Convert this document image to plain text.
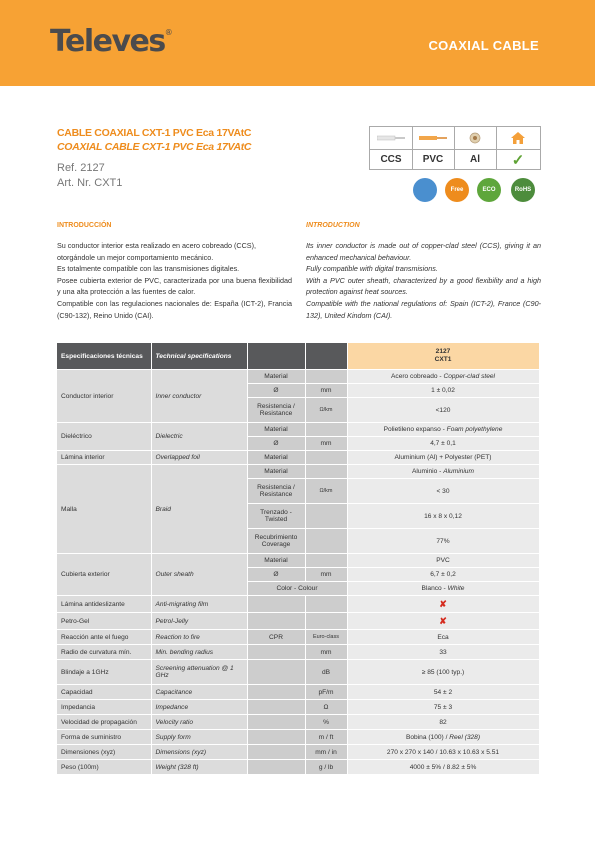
Televes®
COAXIAL CABLE
CABLE COAXIAL CXT-1 PVC Eca 17VAtC
COAXIAL CABLE CXT-1 PVC Eca 17VAtC
Ref. 2127
Art. Nr. CXT1
CCS	PVC	Al	✓
Free	ECO	RoHS
INTRODUCCIÓN

Su conductor interior esta realizado en acero cobreado (CCS), otorgándole un mejor comportamiento mecánico.

Es totalmente compatible con las transmisiones digitales.

Posee cubierta exterior de PVC, caracterizada por una buena flexibilidad y una alta protección a las fuentes de calor.

Compatible con las regulaciones nacionales de: España (ICT-2), Francia (C90-132), Reino Unido (CAI).

INTRODUCTION

Its inner conductor is made out of copper-clad steel (CCS), giving it an enhanced mechanical behaviour.

Fully compatible with digital transmisions.

With a PVC outer sheath, characterized by a good flexibility and a high protection against heat sources.

Compatible with the national regulations of: Spain (ICT-2), France (C90-132), United Kindom (CAI).

Especificaciones técnicas	Technical specifications			2127
CXT1
Conductor interior	Inner conductor	Material		Acero cobreado - Copper-clad steel
		Ø	mm	1 ± 0,02
		Resistencia / Resistance	Ω/km	<120
Dieléctrico	Dielectric	Material		Polietileno expanso - Foam polyethylene
		Ø	mm	4,7 ± 0,1
Lámina interior	Overlapped foil	Material		Aluminium (Al) + Polyester (PET)
Malla	Braid	Material		Aluminio - Aluminium
		Resistencia / Resistance	Ω/km	< 30
		Trenzado - Twisted		16 x 8 x 0,12
		Recubrimiento Coverage		77%
Cubierta exterior	Outer sheath	Material		PVC
		Ø	mm	6,7 ± 0,2
		Color - Colour		Blanco - White
Lámina antideslizante	Anti-migrating film			✘
Petro-Gel	Petrol-Jelly			✘
Reacción ante el fuego	Reaction to fire	CPR	Euro-class	Eca
Radio de curvatura mín.	Min. bending radius		mm	33
Blindaje a 1GHz	Screening attenuation @ 1 GHz		dB	≥ 85 (100 typ.)
Capacidad	Capacitance		pF/m	54 ± 2
Impedancia	Impedance		Ω	75 ± 3
Velocidad de propagación	Velocity ratio		%	82
Forma de suministro	Supply form		m / ft	Bobina (100) / Reel (328)
Dimensiones (xyz)	Dimensions (xyz)		mm / in	270 x 270 x 140 / 10.63 x 10.63 x 5.51
Peso (100m)	Weight (328 ft)		g / lb	4000 ± 5% / 8.82 ± 5%
